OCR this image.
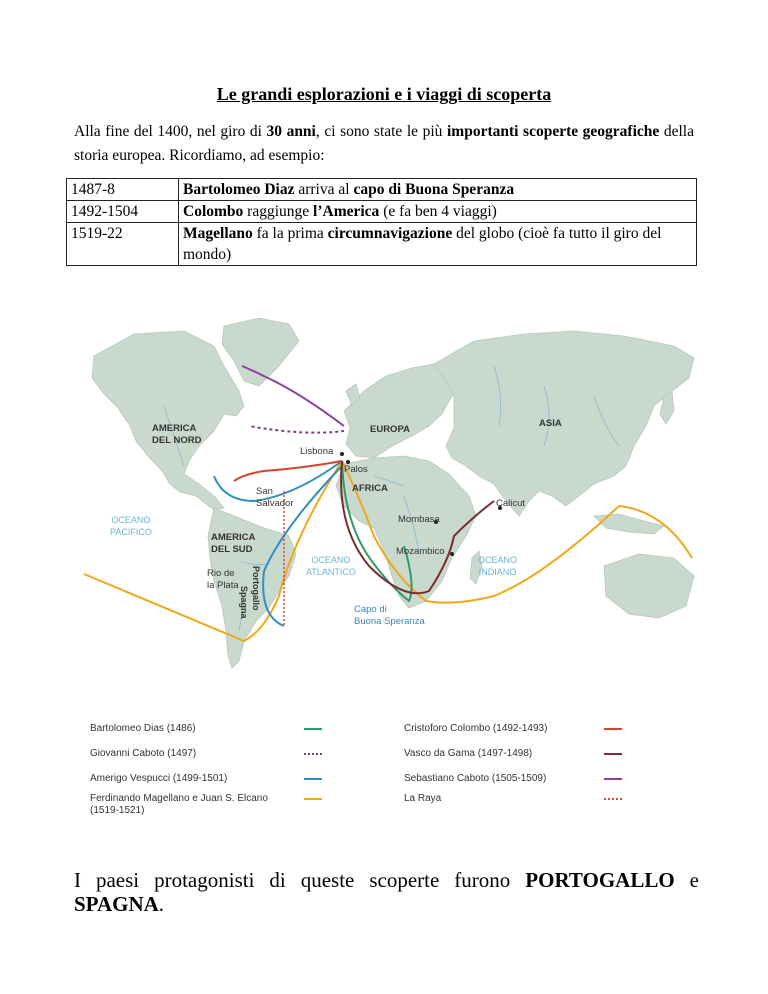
Le grandi esplorazioni e i viaggi di scoperta
Alla fine del 1400, nel giro di 30 anni, ci sono state le più importanti scoperte geografiche della storia europea. Ricordiamo, ad esempio:
1487-8	Bartolomeo Diaz arriva al capo di Buona Speranza
1492-1504	Colombo raggiunge l’America (e fa ben 4 viaggi)
1519-22	Magellano fa la prima circumnavigazione del globo (cioè fa tutto il giro del mondo)
EUROPA
ASIA
Lisbona
Palos
AFRICA
Calicut
Mombasa
Mozambico
AMERICA
DEL NORD
San
Salvador
AMERICA
DEL SUD
Rio de
la Plata Portogallo
Spagna	Capo di
Buona Speranza
OCEANO
PACIFICO
OCEANO
ATLANTICO
OCEANO
INDIANO
Bartolomeo Dias (1486)	Cristoforo Colombo (1492-1493)
Giovanni Caboto (1497)	Vasco da Gama (1497-1498)
Amerigo Vespucci (1499-1501)	Sebastiano Caboto (1505-1509)
Ferdinando Magellano e Juan S. Elcano
(1519-1521)
La Raya
I paesi protagonisti di queste scoperte furono PORTOGALLO e
SPAGNA.
